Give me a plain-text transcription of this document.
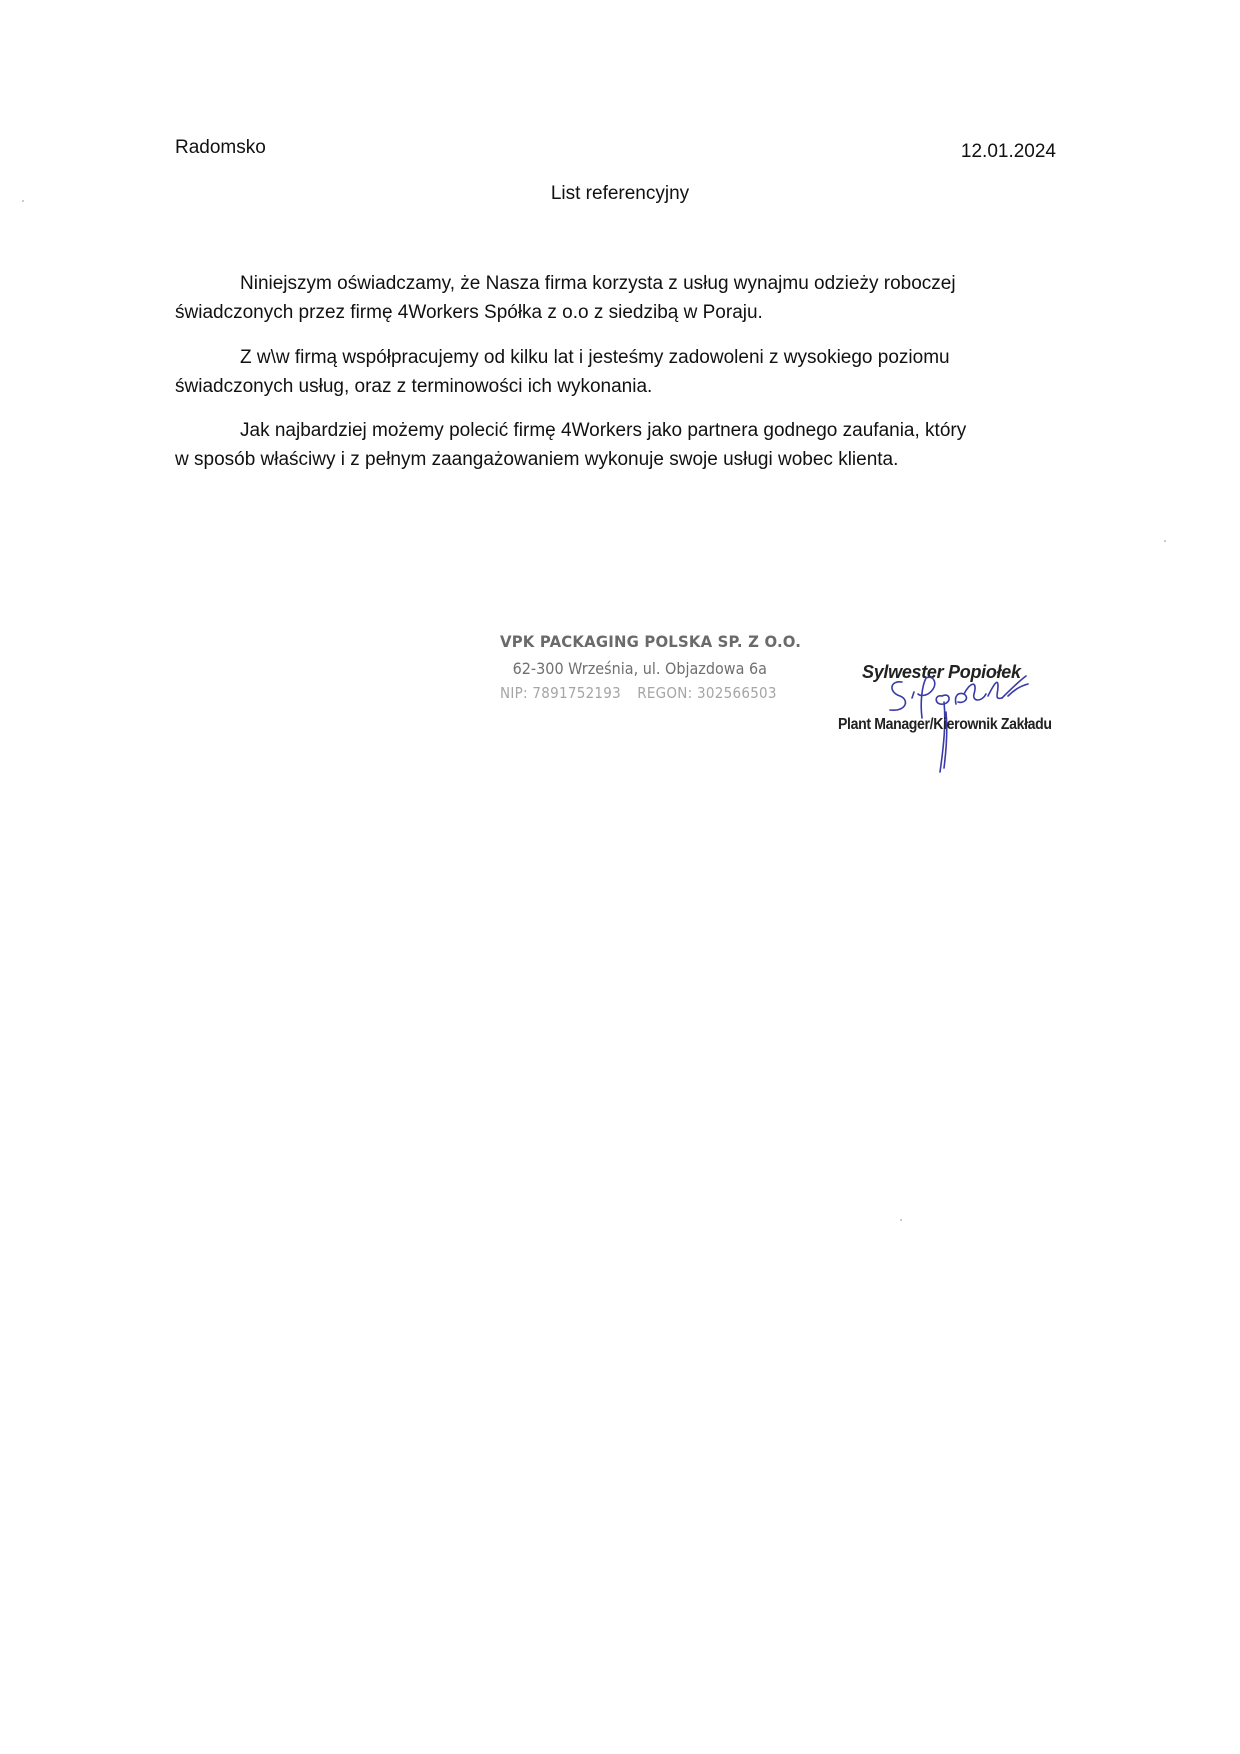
Radomsko	12.01.2024
List referencyjny
Niniejszym oświadczamy, że Nasza firma korzysta z usług wynajmu odzieży roboczej
świadczonych przez firmę 4Workers Spółka z o.o z siedzibą w Poraju.
Z w\w firmą współpracujemy od kilku lat i jesteśmy zadowoleni z wysokiego poziomu
świadczonych usług, oraz z terminowości ich wykonania.
Jak najbardziej możemy polecić firmę 4Workers jako partnera godnego zaufania, który
w sposób właściwy i z pełnym zaangażowaniem wykonuje swoje usługi wobec klienta.
VPK PACKAGING POLSKA SP. Z O.O.
62-300 Września, ul. Objazdowa 6a
NIP: 7891752193 REGON: 302566503
Sylwester Popiołek
Plant Manager/Kierownik Zakładu
